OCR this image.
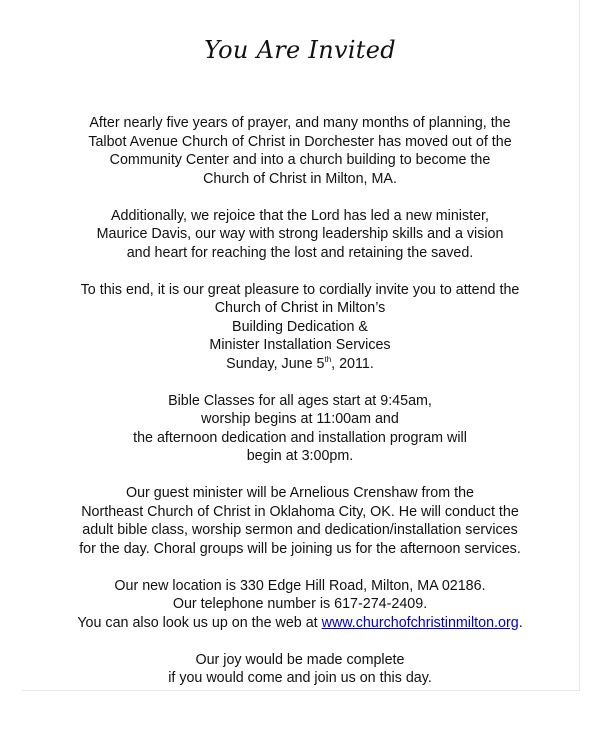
You Are Invited
After nearly five years of prayer, and many months of planning, the
Talbot Avenue Church of Christ in Dorchester has moved out of the
Community Center and into a church building to become the
Church of Christ in Milton, MA.
Additionally, we rejoice that the Lord has led a new minister,
Maurice Davis, our way with strong leadership skills and a vision
and heart for reaching the lost and retaining the saved.
To this end, it is our great pleasure to cordially invite you to attend the
Church of Christ in Milton’s
Building Dedication &
Minister Installation Services
Sunday, June 5th, 2011.
Bible Classes for all ages start at 9:45am,
worship begins at 11:00am and
the afternoon dedication and installation program will
begin at 3:00pm.
Our guest minister will be Arnelious Crenshaw from the
Northeast Church of Christ in Oklahoma City, OK. He will conduct the
adult bible class, worship sermon and dedication/installation services
for the day. Choral groups will be joining us for the afternoon services.
Our new location is 330 Edge Hill Road, Milton, MA 02186.
Our telephone number is 617-274-2409.
You can also look us up on the web at www.churchofchristinmilton.org.
Our joy would be made complete
if you would come and join us on this day.
